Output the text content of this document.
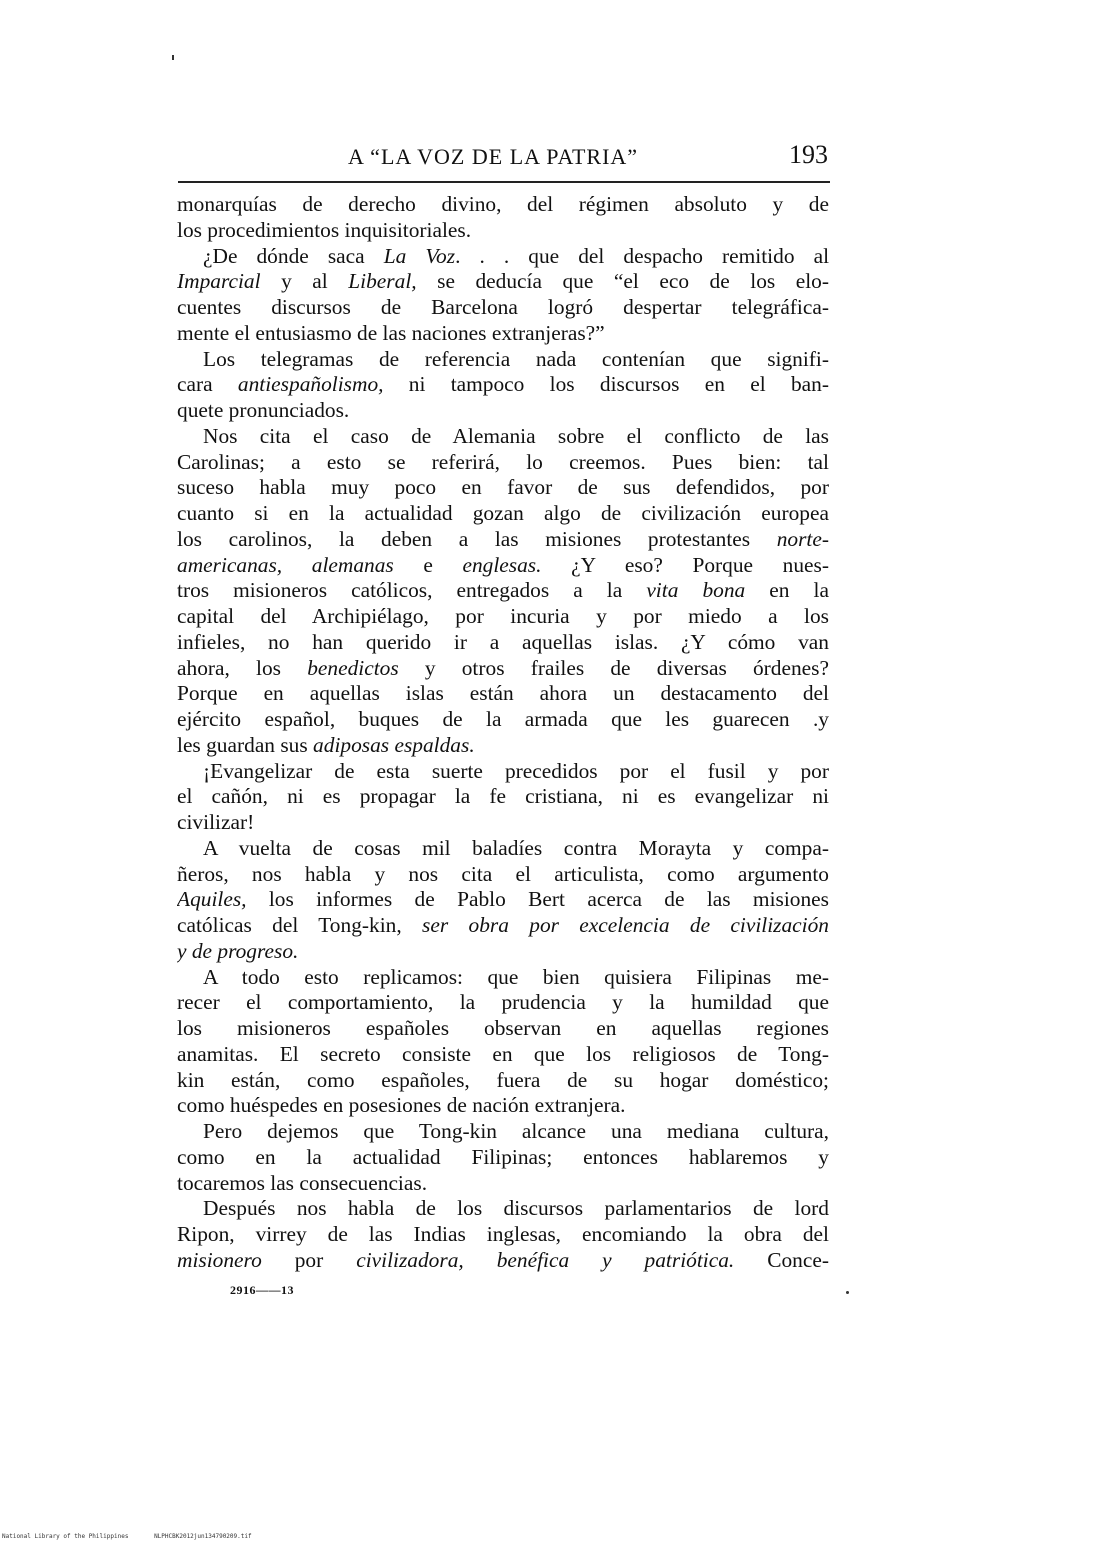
A “LA VOZ DE LA PATRIA”	193
monarquías de derecho divino, del régimen absoluto y de
los procedimientos inquisitoriales.
¿De dónde saca La Voz. . . que del despacho remitido al
Imparcial y al Liberal, se deducía que “el eco de los elo-
cuentes discursos de Barcelona logró despertar telegráfica-
mente el entusiasmo de las naciones extranjeras?”
Los telegramas de referencia nada contenían que signifi-
cara antiespañolismo, ni tampoco los discursos en el ban-
quete pronunciados.
Nos cita el caso de Alemania sobre el conflicto de las
Carolinas; a esto se referirá, lo creemos. Pues bien: tal
suceso habla muy poco en favor de sus defendidos, por
cuanto si en la actualidad gozan algo de civilización europea
los carolinos, la deben a las misiones protestantes norte-
americanas, alemanas e englesas. ¿Y eso? Porque nues-
tros misioneros católicos, entregados a la vita bona en la
capital del Archipiélago, por incuria y por miedo a los
infieles, no han querido ir a aquellas islas. ¿Y cómo van
ahora, los benedictos y otros frailes de diversas órdenes?
Porque en aquellas islas están ahora un destacamento del
ejército español, buques de la armada que les guarecen .y
les guardan sus adiposas espaldas.
¡Evangelizar de esta suerte precedidos por el fusil y por
el cañón, ni es propagar la fe cristiana, ni es evangelizar ni
civilizar!
A vuelta de cosas mil baladíes contra Morayta y compa-
ñeros, nos habla y nos cita el articulista, como argumento
Aquiles, los informes de Pablo Bert acerca de las misiones
católicas del Tong-kin, ser obra por excelencia de civilización
y de progreso.
A todo esto replicamos: que bien quisiera Filipinas me-
recer el comportamiento, la prudencia y la humildad que
los misioneros españoles observan en aquellas regiones
anamitas. El secreto consiste en que los religiosos de Tong-
kin están, como españoles, fuera de su hogar doméstico;
como huéspedes en posesiones de nación extranjera.
Pero dejemos que Tong-kin alcance una mediana cultura,
como en la actualidad Filipinas; entonces hablaremos y
tocaremos las consecuencias.
Después nos habla de los discursos parlamentarios de lord
Ripon, virrey de las Indias inglesas, encomiando la obra del
misionero por civilizadora, benéfica y patriótica. Conce-
2916——13
National Library of the Philippines	NLPHCBK2012jun134790209.tif
